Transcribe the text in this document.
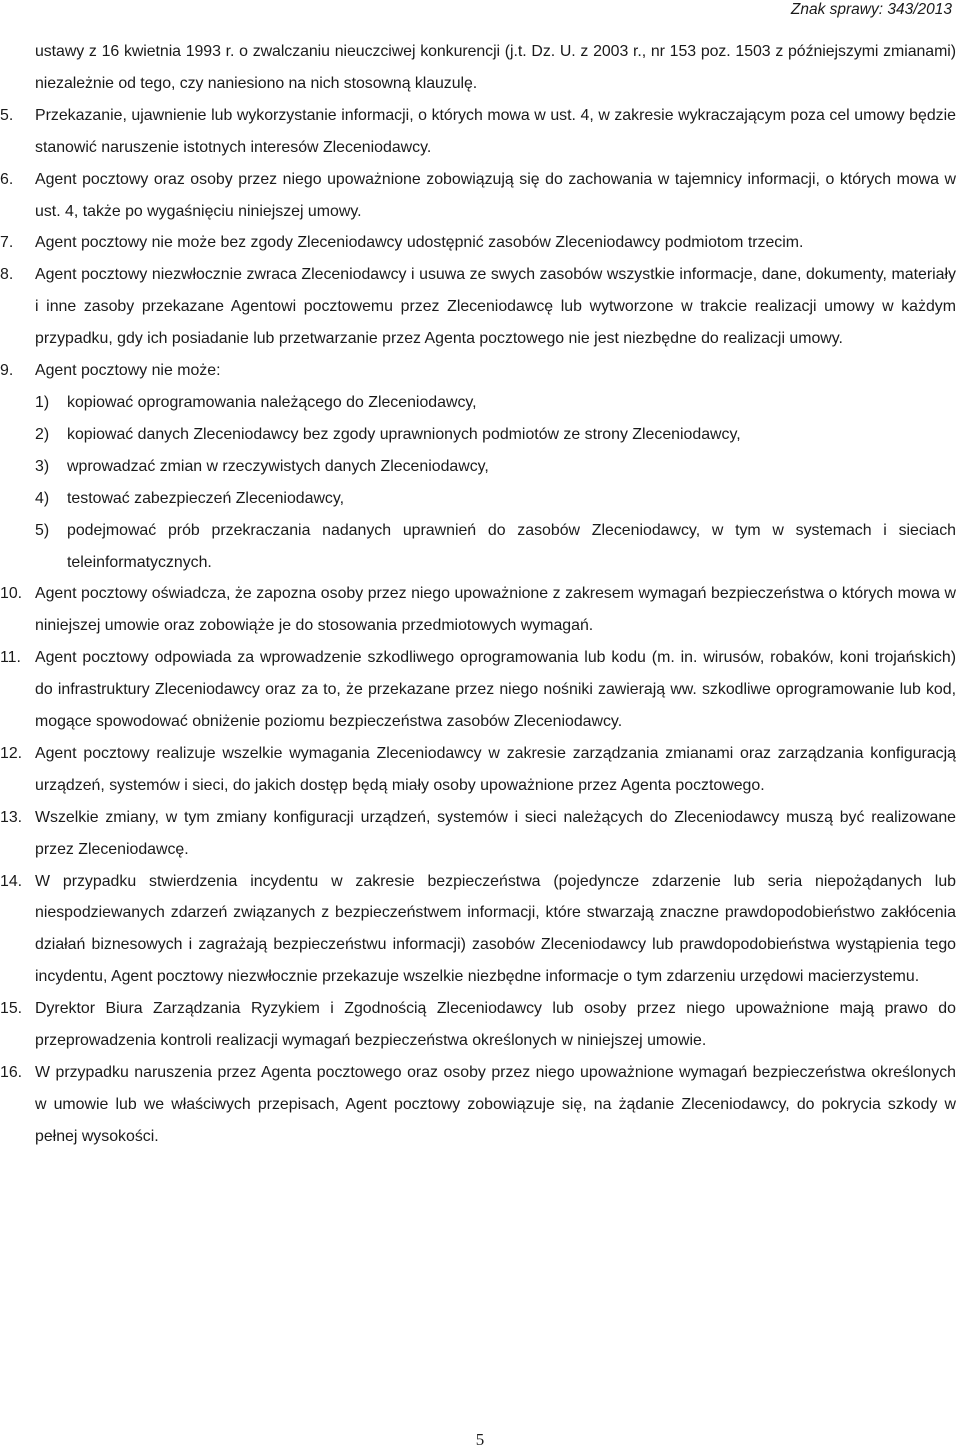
Znak sprawy: 343/2013
ustawy z 16 kwietnia 1993 r. o zwalczaniu nieuczciwej konkurencji (j.t. Dz. U. z 2003 r., nr 153 poz. 1503 z późniejszymi zmianami) niezależnie od tego, czy naniesiono na nich stosowną klauzulę.
5. Przekazanie, ujawnienie lub wykorzystanie informacji, o których mowa w ust. 4, w zakresie wykraczającym poza cel umowy będzie stanowić naruszenie istotnych interesów Zleceniodawcy.
6. Agent pocztowy oraz osoby przez niego upoważnione zobowiązują się do zachowania w tajemnicy informacji, o których mowa w ust. 4, także po wygaśnięciu niniejszej umowy.
7. Agent pocztowy nie może bez zgody Zleceniodawcy udostępnić zasobów Zleceniodawcy podmiotom trzecim.
8. Agent pocztowy niezwłocznie zwraca Zleceniodawcy i usuwa ze swych zasobów wszystkie informacje, dane, dokumenty, materiały i inne zasoby przekazane Agentowi pocztowemu przez Zleceniodawcę lub wytworzone w trakcie realizacji umowy w każdym przypadku, gdy ich posiadanie lub przetwarzanie przez Agenta pocztowego nie jest niezbędne do realizacji umowy.
9. Agent pocztowy nie może:
1) kopiować oprogramowania należącego do Zleceniodawcy,
2) kopiować danych Zleceniodawcy bez zgody uprawnionych podmiotów ze strony Zleceniodawcy,
3) wprowadzać zmian w rzeczywistych danych Zleceniodawcy,
4) testować zabezpieczeń Zleceniodawcy,
5) podejmować prób przekraczania nadanych uprawnień do zasobów Zleceniodawcy, w tym w systemach i sieciach teleinformatycznych.
10. Agent pocztowy oświadcza, że zapozna osoby przez niego upoważnione z zakresem wymagań bezpieczeństwa o których mowa w niniejszej umowie oraz zobowiąże je do stosowania przedmiotowych wymagań.
11. Agent pocztowy odpowiada za wprowadzenie szkodliwego oprogramowania lub kodu (m. in. wirusów, robaków, koni trojańskich) do infrastruktury Zleceniodawcy oraz za to, że przekazane przez niego nośniki zawierają ww. szkodliwe oprogramowanie lub kod, mogące spowodować obniżenie poziomu bezpieczeństwa zasobów Zleceniodawcy.
12. Agent pocztowy realizuje wszelkie wymagania Zleceniodawcy w zakresie zarządzania zmianami oraz zarządzania konfiguracją urządzeń, systemów i sieci, do jakich dostęp będą miały osoby upoważnione przez Agenta pocztowego.
13. Wszelkie zmiany, w tym zmiany konfiguracji urządzeń, systemów i sieci należących do Zleceniodawcy muszą być realizowane przez Zleceniodawcę.
14. W przypadku stwierdzenia incydentu w zakresie bezpieczeństwa (pojedyncze zdarzenie lub seria niepożądanych lub niespodziewanych zdarzeń związanych z bezpieczeństwem informacji, które stwarzają znaczne prawdopodobieństwo zakłócenia działań biznesowych i zagrażają bezpieczeństwu informacji) zasobów Zleceniodawcy lub prawdopodobieństwa wystąpienia tego incydentu, Agent pocztowy niezwłocznie przekazuje wszelkie niezbędne informacje o tym zdarzeniu urzędowi macierzystemu.
15. Dyrektor Biura Zarządzania Ryzykiem i Zgodnością Zleceniodawcy lub osoby przez niego upoważnione mają prawo do przeprowadzenia kontroli realizacji wymagań bezpieczeństwa określonych w niniejszej umowie.
16. W przypadku naruszenia przez Agenta pocztowego oraz osoby przez niego upoważnione wymagań bezpieczeństwa określonych w umowie lub we właściwych przepisach, Agent pocztowy zobowiązuje się, na żądanie Zleceniodawcy, do pokrycia szkody w pełnej wysokości.
5
